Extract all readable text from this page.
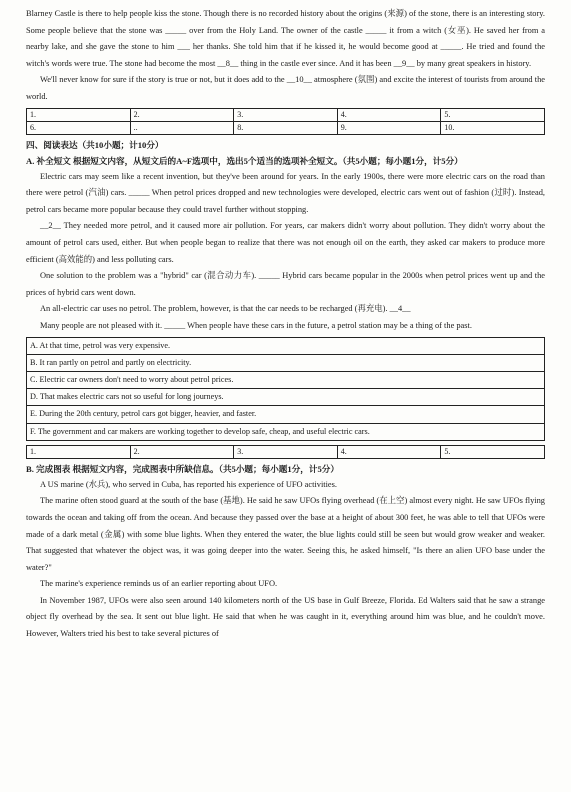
Blarney Castle is there to help people kiss the stone. Though there is no recorded history about the origins (来源) of the stone, there is an interesting story. Some people believe that the stone was _____ over from the Holy Land. The owner of the castle _____ it from a witch (女巫). He saved her from a nearby lake, and she gave the stone to him ___ her thanks. She told him that if he kissed it, he would become good at _____. He tried and found the witch's words were true. The stone had become the most __8__ thing in the castle ever since. And it has been __9__ by many great speakers in history.

We'll never know for sure if the story is true or not, but it does add to the __10__ atmosphere (氛围) and excite the interest of tourists from around the world.

1.	2.	3.	4.	5.
6.	..	8.	9.	10.

四、阅读表达（共10小题；计10分）

A. 补全短文 根据短文内容，从短文后的A~F选项中，选出5个适当的选项补全短文。（共5小题；每小题1分，计5分）

Electric cars may seem like a recent invention, but they've been around for years. In the early 1900s, there were more electric cars on the road than there were petrol (汽油) cars. _____ When petrol prices dropped and new technologies were developed, electric cars went out of fashion (过时). Instead, petrol cars became more popular because they could travel further without stopping.

__2__ They needed more petrol, and it caused more air pollution. For years, car makers didn't worry about pollution. They didn't worry about the amount of petrol cars used, either. But when people began to realize that there was not enough oil on the earth, they asked car makers to produce more efficient (高效能的) and less polluting cars.

One solution to the problem was a "hybrid" car (混合动力车). _____ Hybrid cars became popular in the 2000s when petrol prices went up and the prices of hybrid cars went down.

An all-electric car uses no petrol. The problem, however, is that the car needs to be recharged (再充电). __4__

Many people are not pleased with it. _____ When people have these cars in the future, a petrol station may be a thing of the past.

A. At that time, petrol was very expensive.
B. It ran partly on petrol and partly on electricity.
C. Electric car owners don't need to worry about petrol prices.
D. That makes electric cars not so useful for long journeys.
E. During the 20th century, petrol cars got bigger, heavier, and faster.
F. The government and car makers are working together to develop safe, cheap, and useful electric cars.
1.	2.	3.	4.	5.

B. 完成图表 根据短文内容，完成图表中所缺信息。（共5小题；每小题1分，计5分）

A US marine (水兵), who served in Cuba, has reported his experience of UFO activities.

The marine often stood guard at the south of the base (基地). He said he saw UFOs flying overhead (在上空) almost every night. He saw UFOs flying towards the ocean and taking off from the ocean. And because they passed over the base at a height of about 300 feet, he was able to tell that UFOs were made of a dark metal (金属) with some blue lights. When they entered the water, the blue lights could still be seen but would grow weaker and weaker. That suggested that whatever the object was, it was going deeper into the water. Seeing this, he asked himself, "Is there an alien UFO base under the water?"

The marine's experience reminds us of an earlier reporting about UFO.

In November 1987, UFOs were also seen around 140 kilometers north of the US base in Gulf Breeze, Florida. Ed Walters said that he saw a strange object fly overhead by the sea. It sent out blue light. He said that when he was caught in it, everything around him was blue, and he couldn't move. However, Walters tried his best to take several pictures of
